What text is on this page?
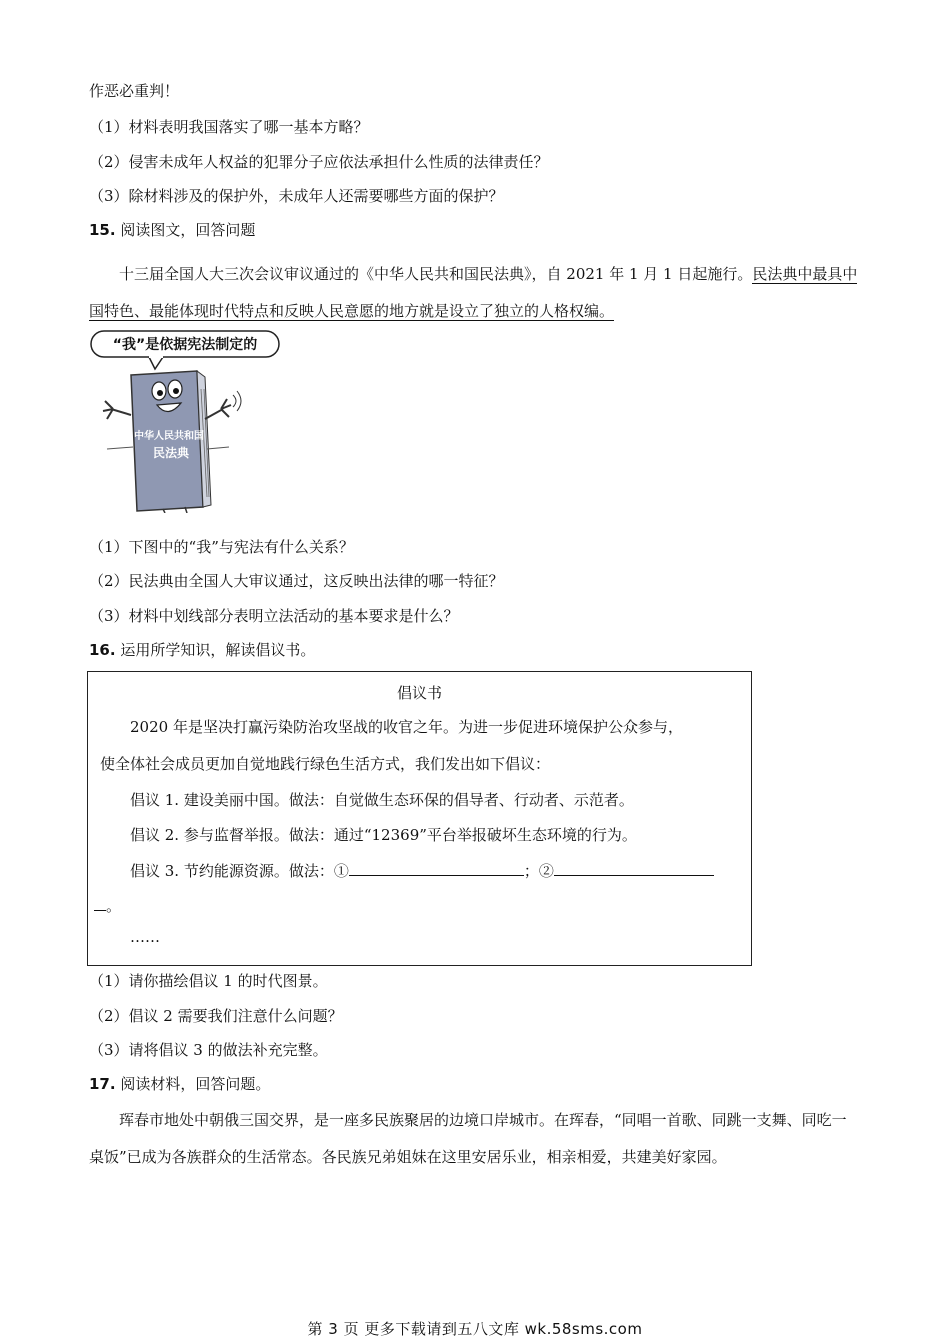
作恶必重判！
（1）材料表明我国落实了哪一基本方略？
（2）侵害未成年人权益的犯罪分子应依法承担什么性质的法律责任？
（3）除材料涉及的保护外，未成年人还需要哪些方面的保护？
15. 阅读图文，回答问题
十三届全国人大三次会议审议通过的《中华人民共和国民法典》，自 2021 年 1 月 1 日起施行。民法典中最具中国特色、最能体现时代特点和反映人民意愿的地方就是设立了独立的人格权编。
“我”是依据宪法制定的
中华人民共和国
民法典
（1）下图中的“我”与宪法有什么关系？
（2）民法典由全国人大审议通过，这反映出法律的哪一特征？
（3）材料中划线部分表明立法活动的基本要求是什么？
16. 运用所学知识，解读倡议书。
倡议书
2020 年是坚决打赢污染防治攻坚战的收官之年。为进一步促进环境保护公众参与，
使全体社会成员更加自觉地践行绿色生活方式，我们发出如下倡议：
倡议 1. 建设美丽中国。做法：自觉做生态环保的倡导者、行动者、示范者。
倡议 2. 参与监督举报。做法：通过“12369”平台举报破坏生态环境的行为。
倡议 3. 节约能源资源。做法：①	；②
。
……
（1）请你描绘倡议 1 的时代图景。
（2）倡议 2 需要我们注意什么问题？
（3）请将倡议 3 的做法补充完整。
17. 阅读材料，回答问题。
珲春市地处中朝俄三国交界，是一座多民族聚居的边境口岸城市。在珲春，“同唱一首歌、同跳一支舞、同吃一桌饭”已成为各族群众的生活常态。各民族兄弟姐妹在这里安居乐业，相亲相爱，共建美好家园。
第 3 页 更多下载请到五八文库 wk.58sms.com
